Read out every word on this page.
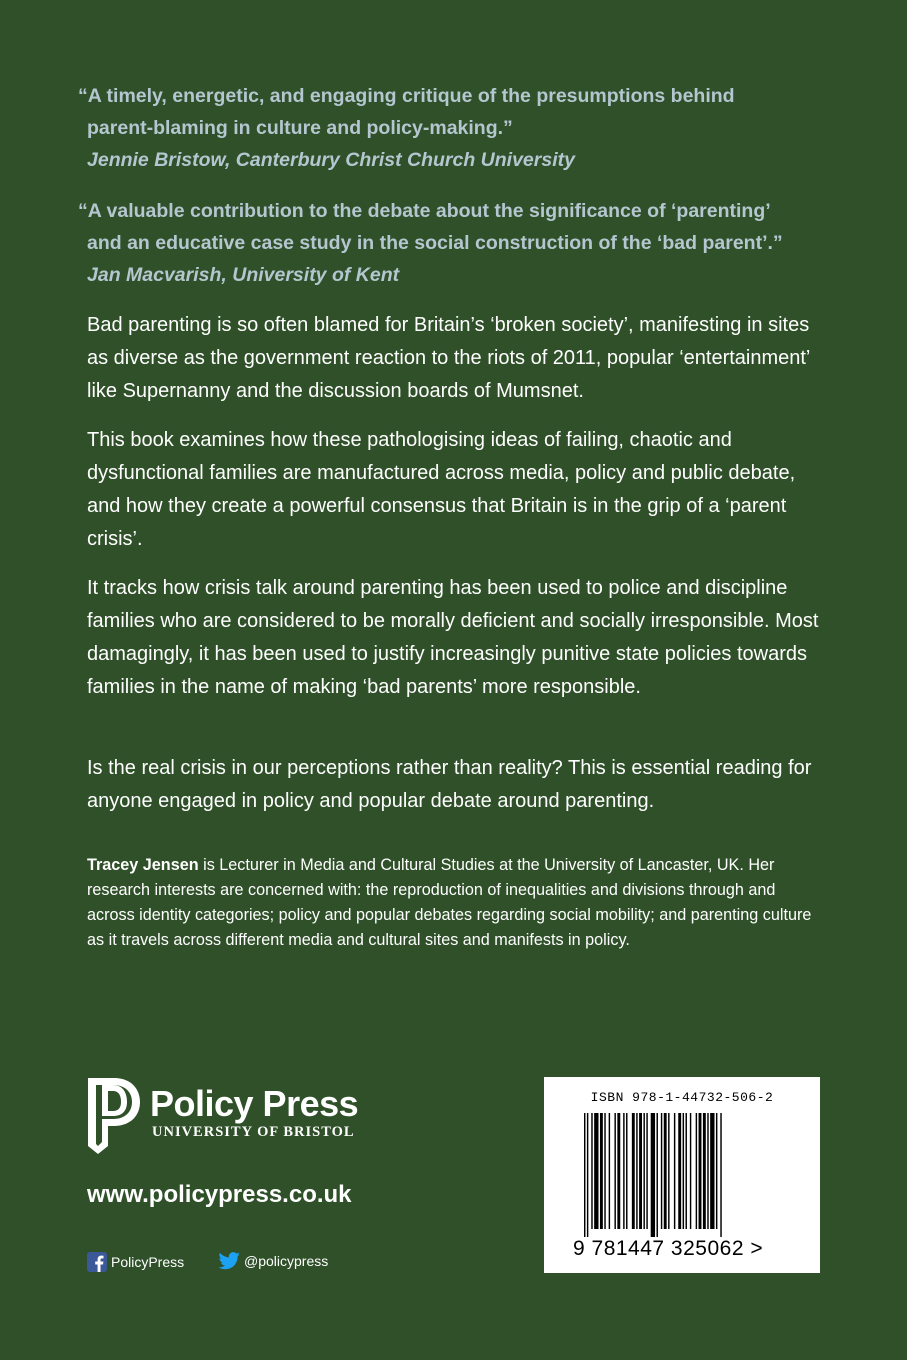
“A timely, energetic, and engaging critique of the presumptions behind
parent-blaming in culture and policy-making.”
Jennie Bristow, Canterbury Christ Church University
“A valuable contribution to the debate about the significance of ‘parenting’
and an educative case study in the social construction of the ‘bad parent’.”
Jan Macvarish, University of Kent

Bad parenting is so often blamed for Britain’s ‘broken society’, manifesting in sites as diverse as the government reaction to the riots of 2011, popular ‘entertainment’ like Supernanny and the discussion boards of Mumsnet.

This book examines how these pathologising ideas of failing, chaotic and dysfunctional families are manufactured across media, policy and public debate, and how they create a powerful consensus that Britain is in the grip of a ‘parent crisis’.

It tracks how crisis talk around parenting has been used to police and discipline families who are considered to be morally deficient and socially irresponsible. Most damagingly, it has been used to justify increasingly punitive state policies towards families in the name of making ‘bad parents’ more responsible.

Is the real crisis in our perceptions rather than reality? This is essential reading for anyone engaged in policy and popular debate around parenting.

Tracey Jensen is Lecturer in Media and Cultural Studies at the University of Lancaster, UK. Her research interests are concerned with: the reproduction of inequalities and divisions through and across identity categories; policy and popular debates regarding social mobility; and parenting culture as it travels across different media and cultural sites and manifests in policy.

Policy Press
UNIVERSITY OF BRISTOL
www.policypress.co.uk
PolicyPress	@policypress
ISBN 978-1-44732-506-2
9 781447 325062 >
